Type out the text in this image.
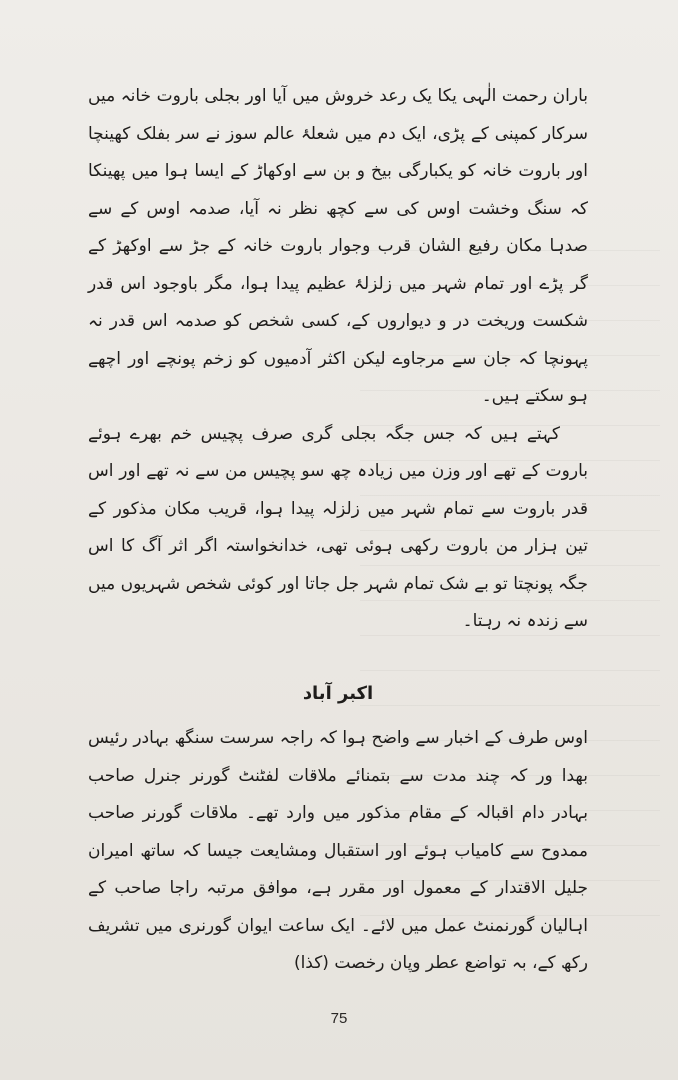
باران رحمت الٰہی یکا یک رعد خروش میں آیا اور بجلی باروت خانہ میں سرکار کمپنی کے پڑی، ایک دم میں شعلۂ عالم سوز نے سر بفلک کھینچا اور باروت خانہ کو یکبارگی بیخ و بن سے اوکھاڑ کے ایسا ہوا میں پھینکا کہ سنگ وخشت اوس کی سے کچھ نظر نہ آیا، صدمہ اوس کے سے صدہا مکان رفیع الشان قرب وجوار باروت خانہ کے جڑ سے اوکھڑ کے گر پڑے اور تمام شہر میں زلزلۂ عظیم پیدا ہوا، مگر باوجود اس قدر شکست وریخت در و دیواروں کے، کسی شخص کو صدمہ اس قدر نہ پہونچا کہ جان سے مرجاوے لیکن اکثر آدمیوں کو زخم پونچے اور اچھے ہو سکتے ہیں۔

کہتے ہیں کہ جس جگہ بجلی گری صرف پچیس خم بھرے ہوئے باروت کے تھے اور وزن میں زیادہ چھ سو پچیس من سے نہ تھے اور اس قدر باروت سے تمام شہر میں زلزلہ پیدا ہوا، قریب مکان مذکور کے تین ہزار من باروت رکھی ہوئی تھی، خدانخواستہ اگر اثر آگ کا اس جگہ پونچتا تو بے شک تمام شہر جل جاتا اور کوئی شخص شہریوں میں سے زندہ نہ رہتا۔

اکبر آباد

اوس طرف کے اخبار سے واضح ہوا کہ راجہ سرست سنگھ بہادر رئیس بھدا ور کہ چند مدت سے بتمنائے ملاقات لفٹنٹ گورنر جنرل صاحب بہادر دام اقبالہ کے مقام مذکور میں وارد تھے۔ ملاقات گورنر صاحب ممدوح سے کامیاب ہوئے اور استقبال ومشایعت جیسا کہ ساتھ امیران جلیل الاقتدار کے معمول اور مقرر ہے، موافق مرتبہ راجا صاحب کے اہالیان گورنمنٹ عمل میں لائے۔ ایک ساعت ایوان گورنری میں تشریف رکھ کے، بہ تواضع عطر وپان رخصت (کذا)

75
